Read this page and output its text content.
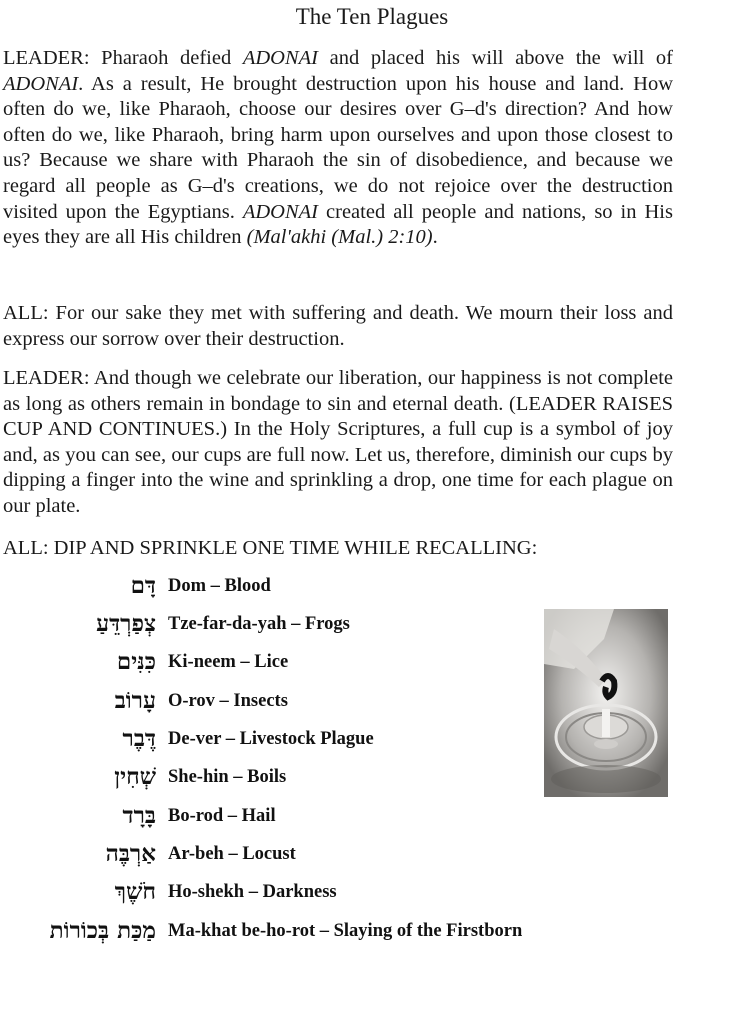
The Ten Plagues

LEADER: Pharaoh defied ADONAI and placed his will above the will of ADONAI. As a result, He brought destruction upon his house and land. How often do we, like Pharaoh, choose our desires over G–d's direction? And how often do we, like Pharaoh, bring harm upon ourselves and upon those closest to us? Because we share with Pharaoh the sin of disobedience, and because we regard all people as G–d's creations, we do not rejoice over the destruction visited upon the Egyptians. ADONAI created all people and nations, so in His eyes they are all His children (Mal'akhi (Mal.) 2:10).

ALL: For our sake they met with suffering and death. We mourn their loss and express our sorrow over their destruction.

LEADER: And though we celebrate our liberation, our happiness is not complete as long as others remain in bondage to sin and eternal death. (LEADER RAISES CUP AND CONTINUES.) In the Holy Scriptures, a full cup is a symbol of joy and, as you can see, our cups are full now. Let us, therefore, diminish our cups by dipping a finger into the wine and sprinkling a drop, one time for each plague on our plate.

ALL: DIP AND SPRINKLE ONE TIME WHILE RECALLING:

דָּם Dom – Blood
צְפַרְדֵּעַ Tze-far-da-yah – Frogs
כִּנִּים Ki-neem – Lice
עָרוֹב O-rov – Insects
דֶּבֶר De-ver – Livestock Plague
שְׁחִין She-hin – Boils
בָּרָד Bo-rod – Hail
אַרְבֶּה Ar-beh – Locust
חֹשֶׁךְ Ho-shekh – Darkness
מַכַּת בְּכוֹרוֹת Ma-khat be-ho-rot – Slaying of the Firstborn
